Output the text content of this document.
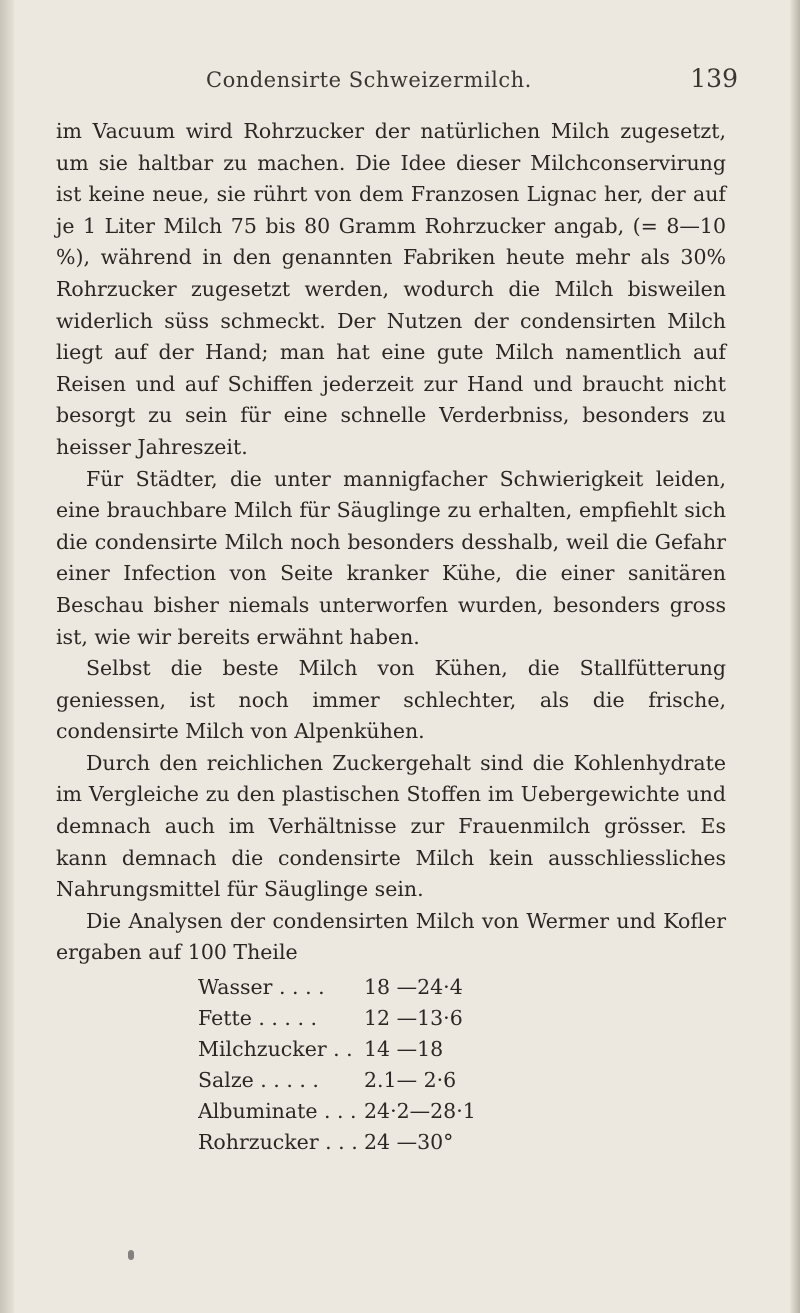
Condensirte Schweizermilch.	139

im Vacuum wird Rohrzucker der natürlichen Milch zugesetzt, um sie haltbar zu machen. Die Idee dieser Milchconservirung ist keine neue, sie rührt von dem Franzosen Lignac her, der auf je 1 Liter Milch 75 bis 80 Gramm Rohrzucker angab, (= 8—10 %), während in den genannten Fabriken heute mehr als 30% Rohrzucker zugesetzt werden, wodurch die Milch bisweilen widerlich süss schmeckt. Der Nutzen der condensirten Milch liegt auf der Hand; man hat eine gute Milch namentlich auf Reisen und auf Schiffen jederzeit zur Hand und braucht nicht besorgt zu sein für eine schnelle Verderbniss, besonders zu heisser Jahreszeit.

Für Städter, die unter mannigfacher Schwierigkeit leiden, eine brauchbare Milch für Säuglinge zu erhalten, empfiehlt sich die condensirte Milch noch besonders desshalb, weil die Gefahr einer Infection von Seite kranker Kühe, die einer sanitären Beschau bisher niemals unterworfen wurden, besonders gross ist, wie wir bereits erwähnt haben.

Selbst die beste Milch von Kühen, die Stallfütterung geniessen, ist noch immer schlechter, als die frische, condensirte Milch von Alpenkühen.

Durch den reichlichen Zuckergehalt sind die Kohlenhydrate im Vergleiche zu den plastischen Stoffen im Uebergewichte und demnach auch im Verhältnisse zur Frauenmilch grösser. Es kann demnach die condensirte Milch kein ausschliessliches Nahrungsmittel für Säuglinge sein.

Die Analysen der condensirten Milch von Wermer und Kofler ergaben auf 100 Theile

Wasser . . . .	18 —24·4
Fette . . . . .	12 —13·6
Milchzucker . . 14 —18
Salze . . . . .	2.1— 2·6
Albuminate . . . 24·2—28·1
Rohrzucker . . . 24 —30°
